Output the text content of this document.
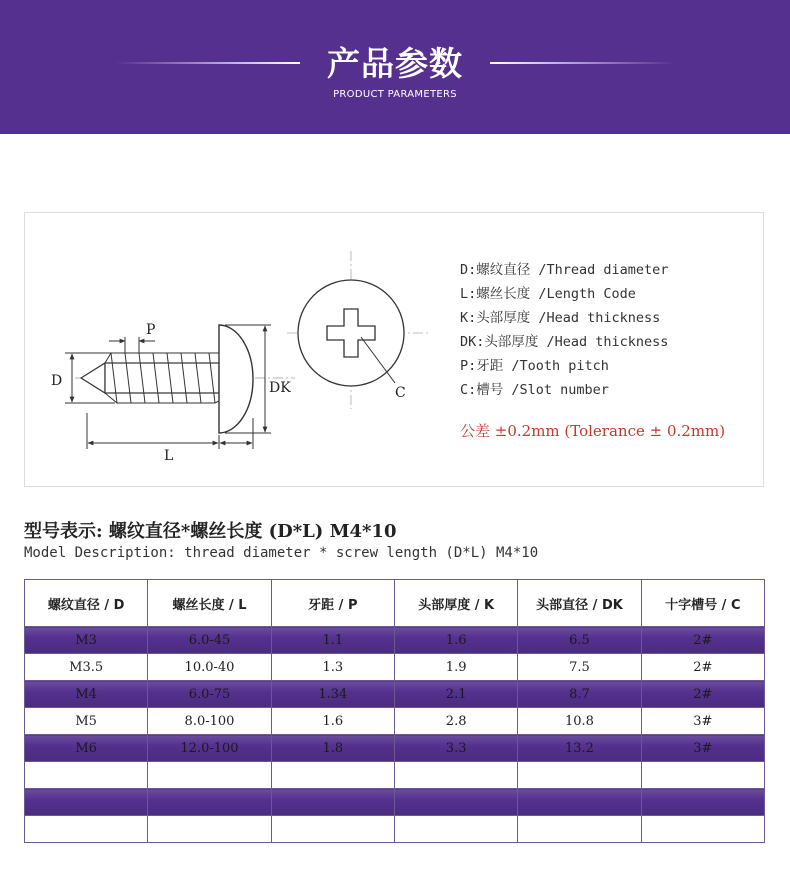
产品参数
PRODUCT PARAMETERS
P
D	DK
L
C
D:螺纹直径 /Thread diameter
L:螺丝长度 /Length Code
K:头部厚度 /Head thickness
DK:头部厚度 /Head thickness
P:牙距 /Tooth pitch
C:槽号 /Slot number
公差 ±0.2mm (Tolerance ± 0.2mm)
型号表示: 螺纹直径*螺丝长度 (D*L) M4*10
Model Description: thread diameter * screw length (D*L) M4*10
螺纹直径 / D	螺丝长度 / L	牙距 / P	头部厚度 / K	头部直径 / DK	十字槽号 / C
M3	6.0-45	1.1	1.6	6.5	2#
M3.5	10.0-40	1.3	1.9	7.5	2#
M4	6.0-75	1.34	2.1	8.7	2#
M5	8.0-100	1.6	2.8	10.8	3#
M6	12.0-100	1.8	3.3	13.2	3#
